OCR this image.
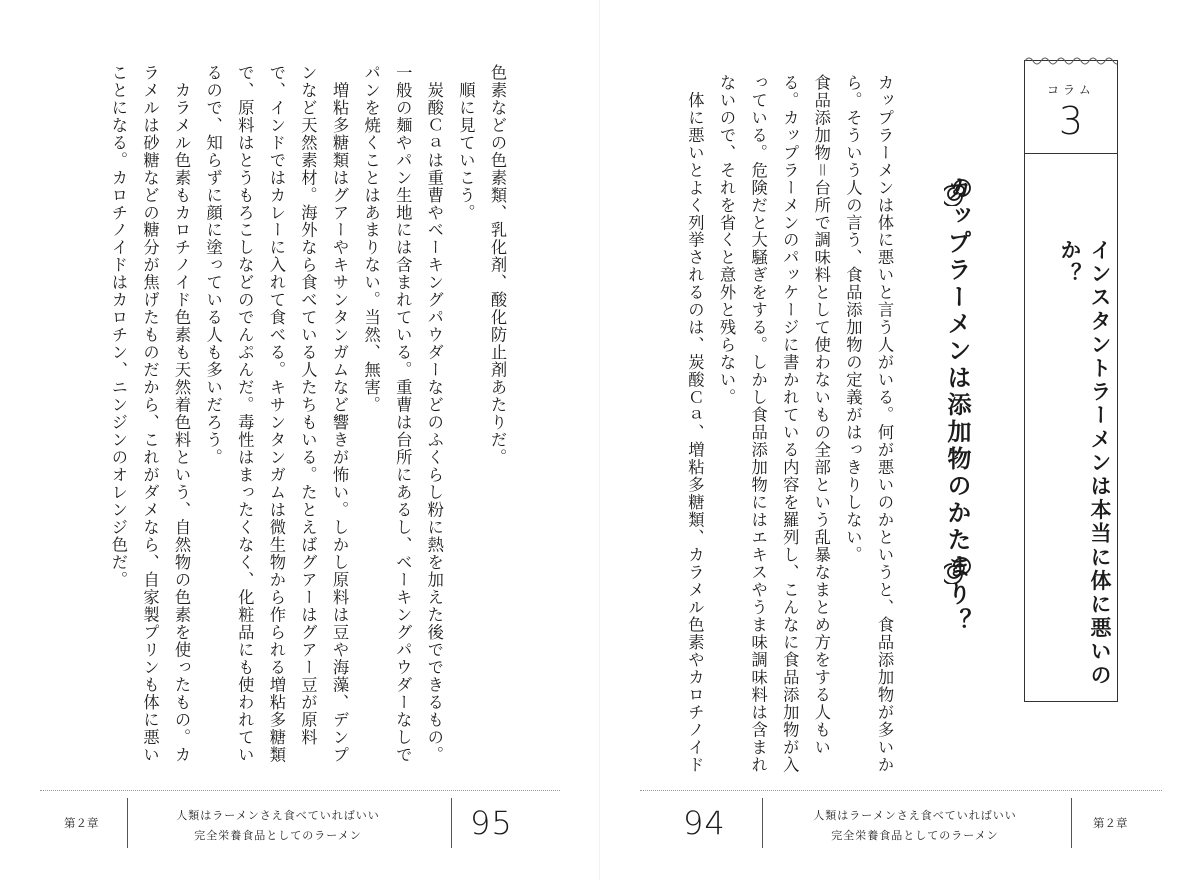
色素などの色素類、乳化剤、酸化防止剤あたりだ。
　順に見ていこう。
　炭酸Ｃａは重曹やベーキングパウダーなどのふくらし粉に熱を加えた後でできるもの。一般の麺やパン生地には含まれている。重曹は台所にあるし、ベーキングパウダーなしでパンを焼くことはあまりない。当然、無害。
　増粘多糖類はグアーやキサンタンガムなど響きが怖い。しかし原料は豆や海藻、デンプンなど天然素材。海外なら食べている人たちもいる。たとえばグアーはグアー豆が原料で、インドではカレーに入れて食べる。キサンタンガムは微生物から作られる増粘多糖類で、原料はとうもろこしなどのでんぷんだ。毒性はまったくなく、化粧品にも使われているので、知らずに顔に塗っている人も多いだろう。
　カラメル色素もカロチノイド色素も天然着色料という、自然物の色素を使ったもの。カラメルは砂糖などの糖分が焦げたものだから、これがダメなら、自家製プリンも体に悪いことになる。カロチノイドはカロチン、ニンジンのオレンジ色だ。
第２章
人類はラーメンさえ食べていればいい
完全栄養食品としてのラーメン	95
カップラーメンは体に悪いと言う人がいる。何が悪いのかというと、食品添加物が多いから。そういう人の言う、食品添加物の定義がはっきりしない。
食品添加物＝台所で調味料として使わないもの全部という乱暴なまとめ方をする人もいる。カップラーメンのパッケージに書かれている内容を羅列し、こんなに食品添加物が入っている。危険だと大騒ぎをする。しかし食品添加物にはエキスやうま味調味料は含まれないので、それを省くと意外と残らない。
　体に悪いとよく列挙されるのは、炭酸Ｃａ、増粘多糖類、カラメル色素やカロチノイド	カップラーメンは添加物のかたまり？
コラム
3
インスタントラーメンは本当に体に悪いのか？
94	人類はラーメンさえ食べていればいい
完全栄養食品としてのラーメン
第２章
